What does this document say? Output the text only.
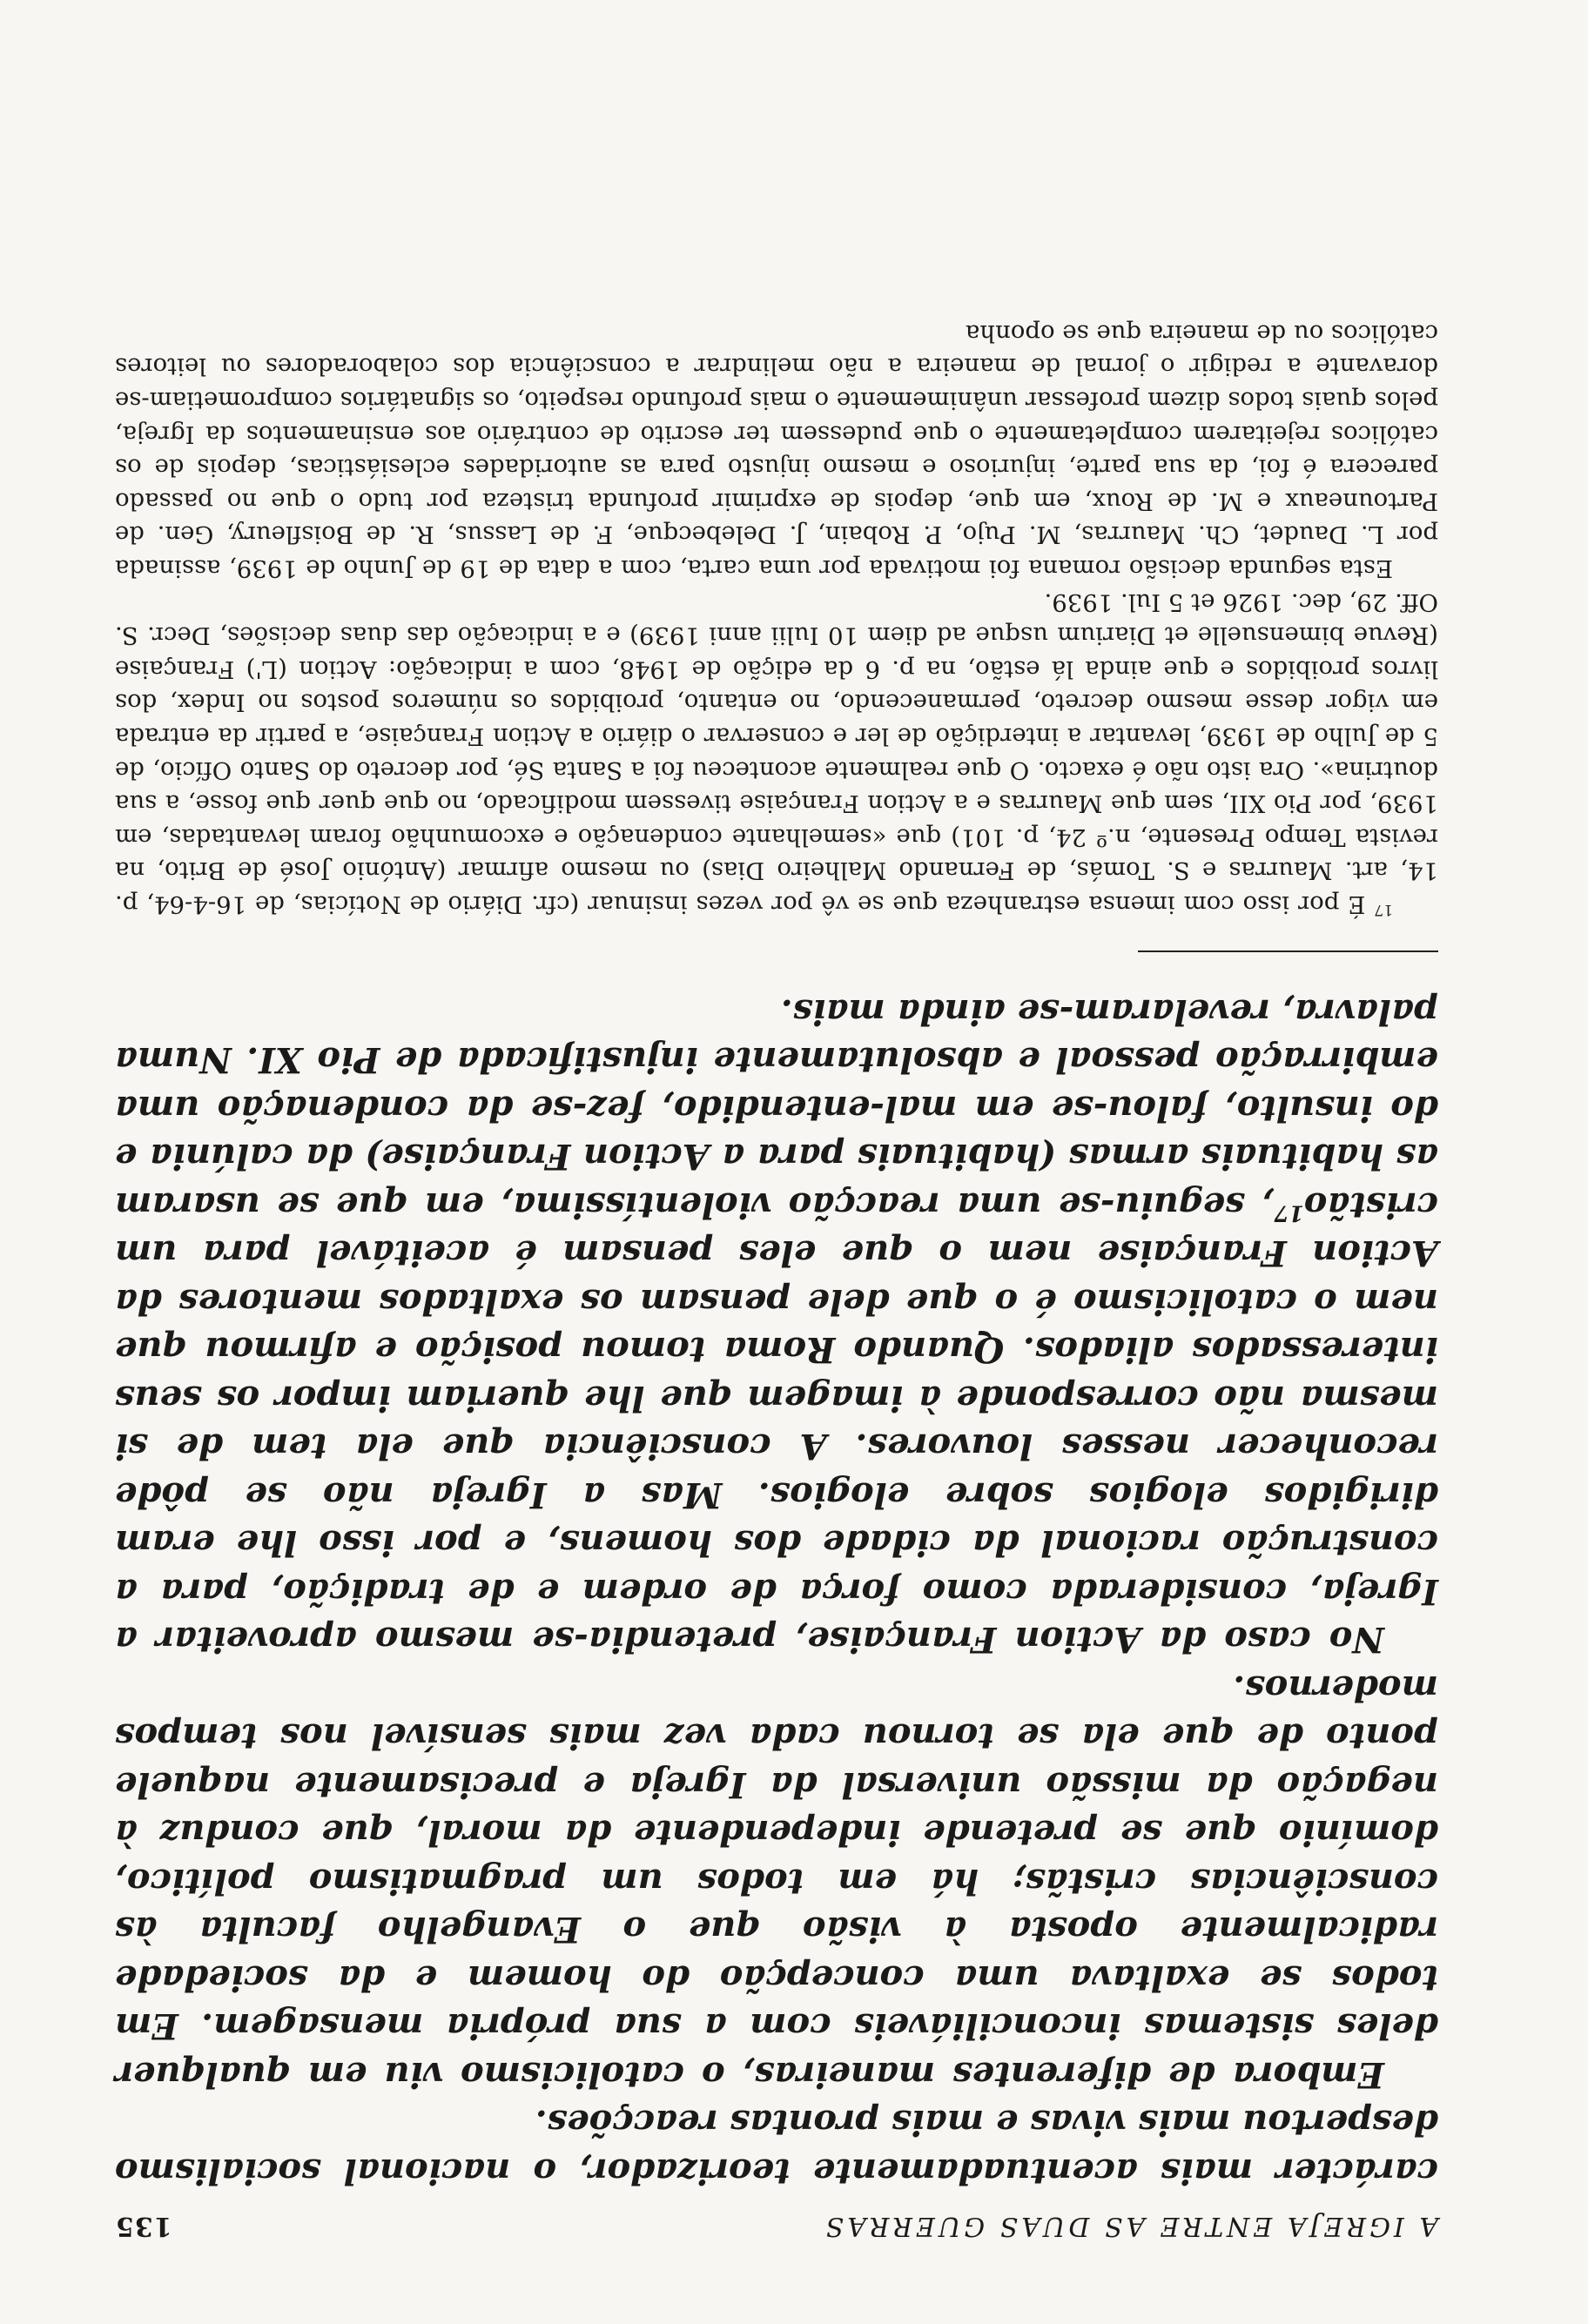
A IGREJA ENTRE AS DUAS GUERRAS
135

carácter mais acentuadamente teorizador, o nacional socialismo despertou mais vivas e mais prontas reacções.

Embora de diferentes maneiras, o catolicismo viu em qualquer deles sistemas inconciliáveis com a sua própria mensagem. Em todos se exaltava uma concepção do homem e da sociedade radicalmente oposta à visão que o Evangelho faculta às consciências cristãs; há em todos um pragmatismo político, domínio que se pretende independente da moral, que conduz à negação da missão universal da Igreja e precisamente naquele ponto de que ela se tornou cada vez mais sensível nos tempos modernos.

No caso da Action Française, pretendia-se mesmo aproveitar a Igreja, considerada como força de ordem e de tradição, para a construção racional da cidade dos homens, e por isso lhe eram dirigidos elogios sobre elogios. Mas a Igreja não se pôde reconhecer nesses louvores. A consciência que ela tem de si mesma não corresponde à imagem que lhe queriam impor os seus interessados aliados. Quando Roma tomou posição e afirmou que nem o catolicismo é o que dele pensam os exaltados mentores da Action Française nem o que eles pensam é aceitável para um cristão$^{17}$, seguiu-se uma reacção violentíssima, em que se usaram as habituais armas (habituais para a Action Française) da calúnia e do insulto, falou-se em mal-entendido, fez-se da condenação uma embirração pessoal e absolutamente injustificada de Pio XI. Numa palavra, revelaram-se ainda mais.

$^{17}$ É por isso com imensa estranheza que se vê por vezes insinuar (cfr. Diário de Notícias, de 16-4-64, p. 14, art. Maurras e S. Tomás, de Fernando Malheiro Dias) ou mesmo afirmar (António José de Brito, na revista Tempo Presente, n.º 24, p. 101) que «semelhante condenação e excomunhão foram levantadas, em 1939, por Pio XII, sem que Maurras e a Action Française tivessem modificado, no que quer que fosse, a sua doutrina». Ora isto não é exacto. O que realmente aconteceu foi a Santa Sé, por decreto do Santo Ofício, de 5 de Julho de 1939, levantar a interdição de ler e conservar o diário a Action Française, a partir da entrada em vigor desse mesmo decreto, permanecendo, no entanto, proibidos os números postos no Index, dos livros proibidos e que ainda lá estão, na p. 6 da edição de 1948, com a indicação: Action (L') Française (Revue bimensuelle et Diarium usque ad diem 10 Iulii anni 1939) e a indicação das duas decisões, Decr. S. Off. 29, dec. 1926 et 5 Iul. 1939.

Esta segunda decisão romana foi motivada por uma carta, com a data de 19 de Junho de 1939, assinada por L. Daudet, Ch. Maurras, M. Pujo, P. Robain, J. Delebecque, F. de Lassus, R. de Boisfleury, Gen. de Partouneaux e M. de Roux, em que, depois de exprimir profunda tristeza por tudo o que no passado parecera é foi, da sua parte, injurioso e mesmo injusto para as autoridades eclesiásticas, depois de os católicos rejeitarem completamente o que pudessem ter escrito de contrário aos ensinamentos da Igreja, pelos quais todos dizem professar unânimemente o mais profundo respeito, os signatários comprometiam-se doravante a redigir o jornal de maneira a não melindrar a consciência dos colaboradores ou leitores católicos ou de maneira que se oponha
